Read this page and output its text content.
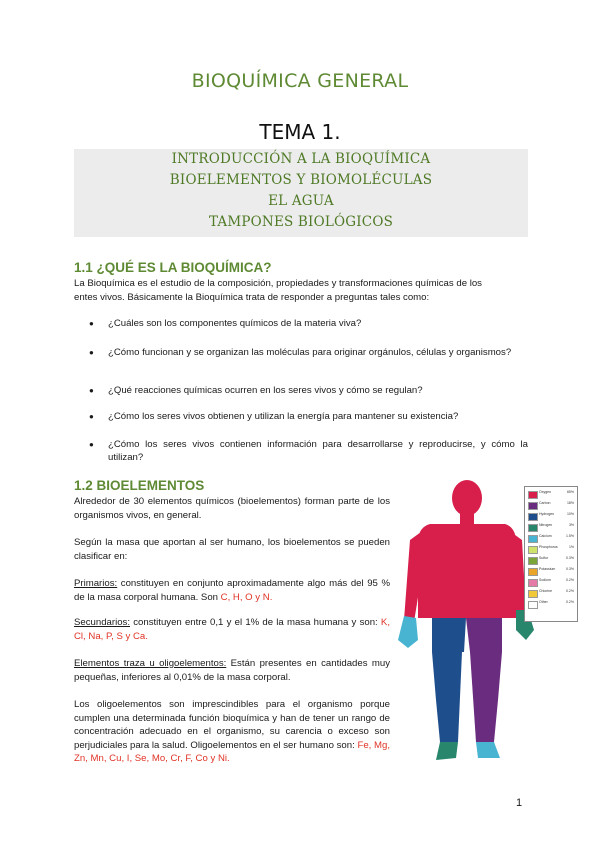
BIOQUÍMICA GENERAL
TEMA 1.
INTRODUCCIÓN A LA BIOQUÍMICA
BIOELEMENTOS Y BIOMOLÉCULAS
EL AGUA
TAMPONES BIOLÓGICOS
1.1 ¿QUÉ ES LA BIOQUÍMICA?

La Bioquímica es el estudio de la composición, propiedades y transformaciones químicas de los
entes vivos. Básicamente la Bioquímica trata de responder a preguntas tales como:

● ¿Cuáles son los componentes químicos de la materia viva?

● ¿Cómo funcionan y se organizan las moléculas para originar orgánulos, células y organismos?

● ¿Qué reacciones químicas ocurren en los seres vivos y cómo se regulan?

● ¿Cómo los seres vivos obtienen y utilizan la energía para mantener su existencia?

● ¿Cómo los seres vivos contienen información para desarrollarse y reproducirse, y cómo la utilizan?

1.2 BIOELEMENTOS

Alrededor de 30 elementos químicos (bioelementos) forman parte de los organismos vivos, en general.

Según la masa que aportan al ser humano, los bioelementos se pueden clasificar en:

Primarios: constituyen en conjunto aproximadamente algo más del 95 % de la masa corporal humana. Son C, H, O y N.

Secundarios: constituyen entre 0,1 y el 1% de la masa humana y son: K, Cl, Na, P, S y Ca.

Elementos traza u oligoelementos: Están presentes en cantidades muy pequeñas, inferiores al 0,01% de la masa corporal.

Los oligoelementos son imprescindibles para el organismo porque cumplen una determinada función bioquímica y han de tener un rango de concentración adecuado en el organismo, su carencia o exceso son perjudiciales para la salud. Oligoelementos en el ser humano son: Fe, Mg, Zn, Mn, Cu, I, Se, Mo, Cr, F, Co y Ni.

Oxygen	65%
Carbon	18%
Hydrogen	10%
Nitrogen	3%
Calcium	1.5%
Phosphorus	1%
Sulfur	0.3%
Potassium	0.3%
Sodium	0.2%
Chlorine	0.2%
Other	0.2%
1
